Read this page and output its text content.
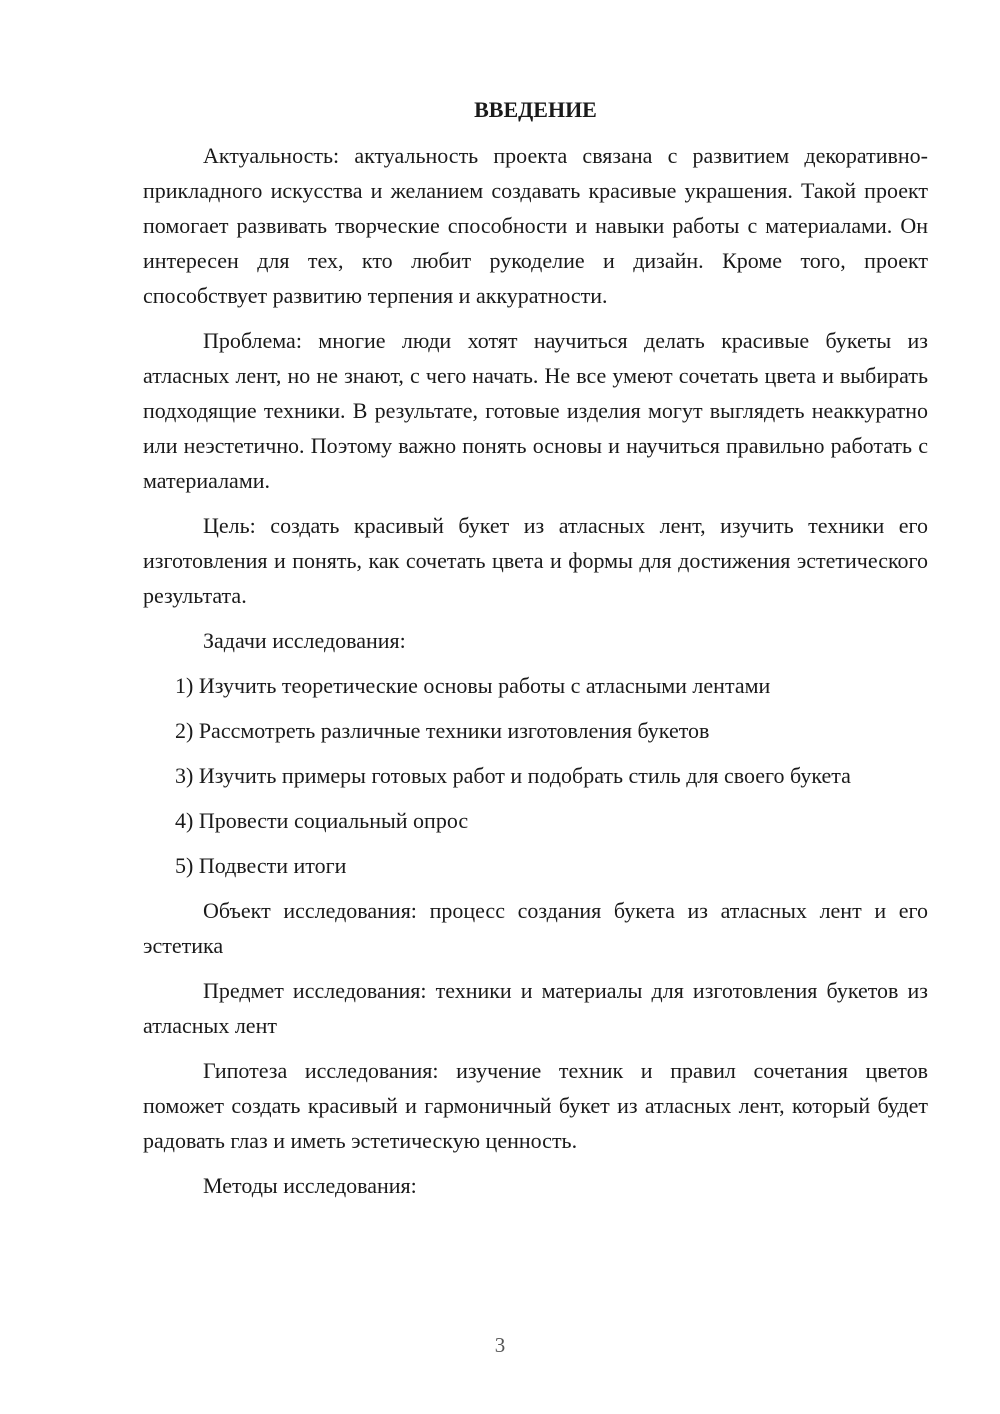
ВВЕДЕНИЕ

Актуальность: актуальность проекта связана с развитием декоративно-прикладного искусства и желанием создавать красивые украшения. Такой проект помогает развивать творческие способности и навыки работы с материалами. Он интересен для тех, кто любит рукоделие и дизайн. Кроме того, проект способствует развитию терпения и аккуратности.

Проблема: многие люди хотят научиться делать красивые букеты из атласных лент, но не знают, с чего начать. Не все умеют сочетать цвета и выбирать подходящие техники. В результате, готовые изделия могут выглядеть неаккуратно или неэстетично. Поэтому важно понять основы и научиться правильно работать с материалами.

Цель: создать красивый букет из атласных лент, изучить техники его изготовления и понять, как сочетать цвета и формы для достижения эстетического результата.

Задачи исследования:

1) Изучить теоретические основы работы с атласными лентами

2) Рассмотреть различные техники изготовления букетов

3) Изучить примеры готовых работ и подобрать стиль для своего букета

4) Провести социальный опрос

5) Подвести итоги

Объект исследования: процесс создания букета из атласных лент и его эстетика

Предмет исследования: техники и материалы для изготовления букетов из атласных лент

Гипотеза исследования: изучение техник и правил сочетания цветов поможет создать красивый и гармоничный букет из атласных лент, который будет радовать глаз и иметь эстетическую ценность.

Методы исследования:

3
